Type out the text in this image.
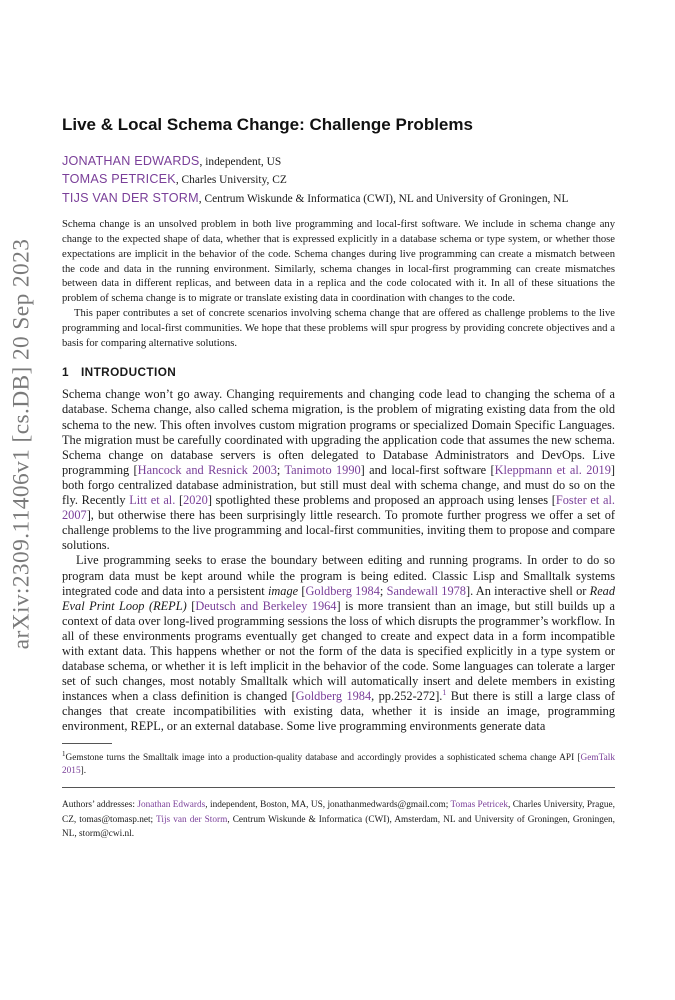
arXiv:2309.11406v1 [cs.DB] 20 Sep 2023
Live & Local Schema Change: Challenge Problems
JONATHAN EDWARDS, independent, US
TOMAS PETRICEK, Charles University, CZ
TIJS VAN DER STORM, Centrum Wiskunde & Informatica (CWI), NL and University of Groningen, NL

Schema change is an unsolved problem in both live programming and local-first software. We include in schema change any change to the expected shape of data, whether that is expressed explicitly in a database schema or type system, or whether those expectations are implicit in the behavior of the code. Schema changes during live programming can create a mismatch between the code and data in the running environment. Similarly, schema changes in local-first programming can create mismatches between data in different replicas, and between data in a replica and the code colocated with it. In all of these situations the problem of schema change is to migrate or translate existing data in coordination with changes to the code.

This paper contributes a set of concrete scenarios involving schema change that are offered as challenge problems to the live programming and local-first communities. We hope that these problems will spur progress by providing concrete objectives and a basis for comparing alternative solutions.

1 INTRODUCTION

Schema change won’t go away. Changing requirements and changing code lead to changing the schema of a database. Schema change, also called schema migration, is the problem of migrating existing data from the old schema to the new. This often involves custom migration programs or specialized Domain Specific Languages. The migration must be carefully coordinated with upgrading the application code that assumes the new schema. Schema change on database servers is often delegated to Database Administrators and DevOps. Live programming [Hancock and Resnick 2003; Tanimoto 1990] and local-first software [Kleppmann et al. 2019] both forgo centralized database administration, but still must deal with schema change, and must do so on the fly. Recently Litt et al. [2020] spotlighted these problems and proposed an approach using lenses [Foster et al. 2007], but otherwise there has been surprisingly little research. To promote further progress we offer a set of challenge problems to the live programming and local-first communities, inviting them to propose and compare solutions.

Live programming seeks to erase the boundary between editing and running programs. In order to do so program data must be kept around while the program is being edited. Classic Lisp and Smalltalk systems integrated code and data into a persistent image [Goldberg 1984; Sandewall 1978]. An interactive shell or Read Eval Print Loop (REPL) [Deutsch and Berkeley 1964] is more transient than an image, but still builds up a context of data over long-lived programming sessions the loss of which disrupts the programmer’s workflow. In all of these environments programs eventually get changed to create and expect data in a form incompatible with extant data. This happens whether or not the form of the data is specified explicitly in a type system or database schema, or whether it is left implicit in the behavior of the code. Some languages can tolerate a larger set of such changes, most notably Smalltalk which will automatically insert and delete members in existing instances when a class definition is changed [Goldberg 1984, pp.252-272].$^1$ But there is still a large class of changes that create incompatibilities with existing data, whether it is inside an image, programming environment, REPL, or an external database. Some live programming environments generate data

$^1$Gemstone turns the Smalltalk image into a production-quality database and accordingly provides a sophisticated schema change API [GemTalk 2015].
Authors’ addresses: Jonathan Edwards, independent, Boston, MA, US, jonathanmedwards@gmail.com; Tomas Petricek, Charles University, Prague, CZ, tomas@tomasp.net; Tijs van der Storm, Centrum Wiskunde & Informatica (CWI), Amsterdam, NL and University of Groningen, Groningen, NL, storm@cwi.nl.
